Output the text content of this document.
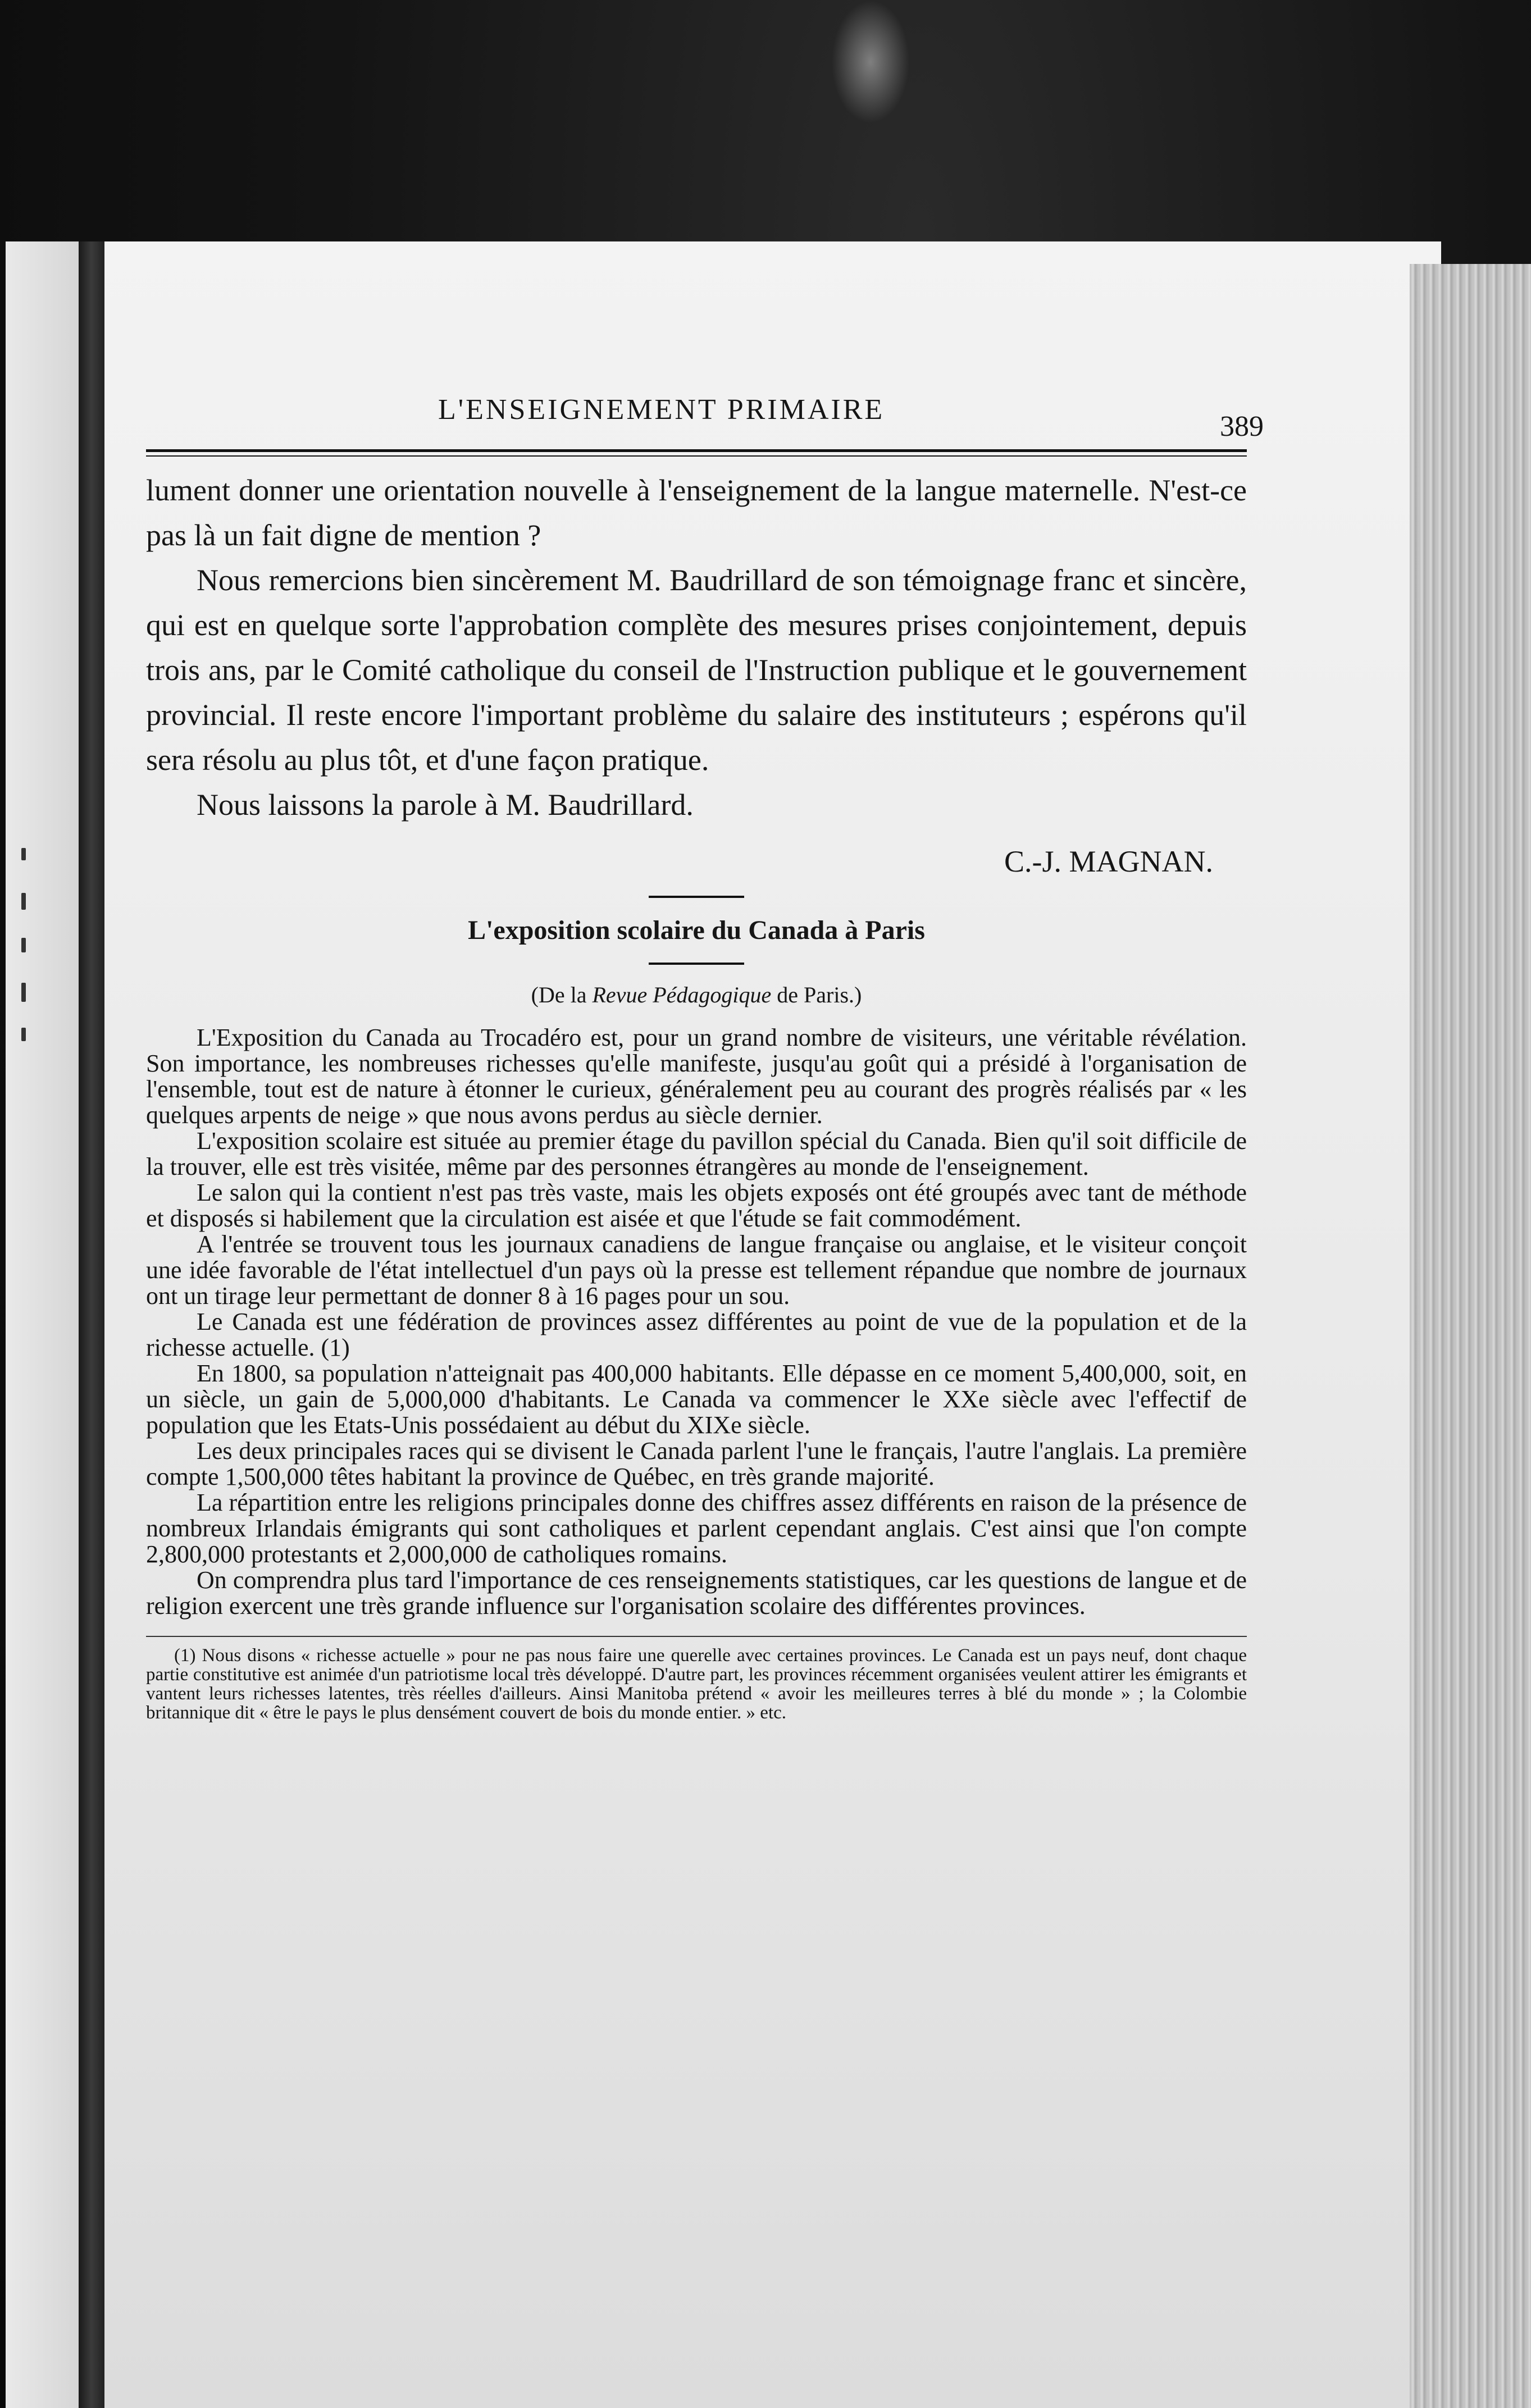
L'ENSEIGNEMENT PRIMAIRE
389

lument donner une orientation nouvelle à l'enseignement de la langue maternelle. N'est-ce pas là un fait digne de mention ?

Nous remercions bien sincèrement M. Baudrillard de son témoignage franc et sincère, qui est en quelque sorte l'approbation complète des mesures prises conjointement, depuis trois ans, par le Comité catholique du conseil de l'Instruction publique et le gouvernement provincial. Il reste encore l'important problème du salaire des instituteurs ; espérons qu'il sera résolu au plus tôt, et d'une façon pratique.

Nous laissons la parole à M. Baudrillard.

C.-J. MAGNAN.
L'exposition scolaire du Canada à Paris
(De la Revue Pédagogique de Paris.)

L'Exposition du Canada au Trocadéro est, pour un grand nombre de visiteurs, une véritable révélation. Son importance, les nombreuses richesses qu'elle manifeste, jusqu'au goût qui a présidé à l'organisation de l'ensemble, tout est de nature à étonner le curieux, généralement peu au courant des progrès réalisés par « les quelques arpents de neige » que nous avons perdus au siècle dernier.

L'exposition scolaire est située au premier étage du pavillon spécial du Canada. Bien qu'il soit difficile de la trouver, elle est très visitée, même par des personnes étrangères au monde de l'enseignement.

Le salon qui la contient n'est pas très vaste, mais les objets exposés ont été groupés avec tant de méthode et disposés si habilement que la circulation est aisée et que l'étude se fait commodément.

A l'entrée se trouvent tous les journaux canadiens de langue française ou anglaise, et le visiteur conçoit une idée favorable de l'état intellectuel d'un pays où la presse est tellement répandue que nombre de journaux ont un tirage leur permettant de donner 8 à 16 pages pour un sou.

Le Canada est une fédération de provinces assez différentes au point de vue de la population et de la richesse actuelle. (1)

En 1800, sa population n'atteignait pas 400,000 habitants. Elle dépasse en ce moment 5,400,000, soit, en un siècle, un gain de 5,000,000 d'habitants. Le Canada va commencer le XXe siècle avec l'effectif de population que les Etats-Unis possédaient au début du XIXe siècle.

Les deux principales races qui se divisent le Canada parlent l'une le français, l'autre l'anglais. La première compte 1,500,000 têtes habitant la province de Québec, en très grande majorité.

La répartition entre les religions principales donne des chiffres assez différents en raison de la présence de nombreux Irlandais émigrants qui sont catholiques et parlent cependant anglais. C'est ainsi que l'on compte 2,800,000 protestants et 2,000,000 de catholiques romains.

On comprendra plus tard l'importance de ces renseignements statistiques, car les questions de langue et de religion exercent une très grande influence sur l'organisation scolaire des différentes provinces.

(1) Nous disons « richesse actuelle » pour ne pas nous faire une querelle avec certaines provinces. Le Canada est un pays neuf, dont chaque partie constitutive est animée d'un patriotisme local très développé. D'autre part, les provinces récemment organisées veulent attirer les émigrants et vantent leurs richesses latentes, très réelles d'ailleurs. Ainsi Manitoba prétend « avoir les meilleures terres à blé du monde » ; la Colombie britannique dit « être le pays le plus densément couvert de bois du monde entier. » etc.
